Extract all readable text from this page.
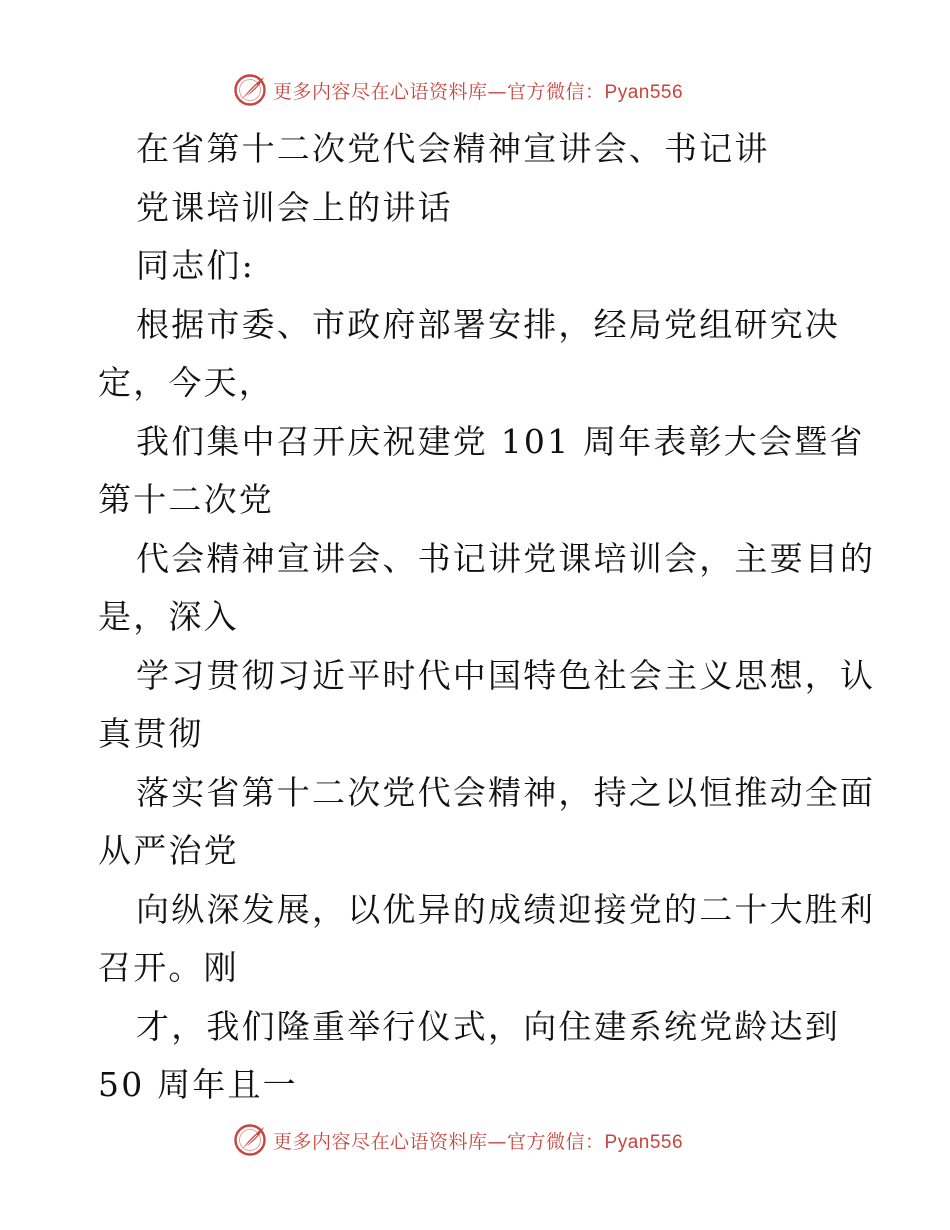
更多内容尽在心语资料库—官方微信：Pyan556
在省第十二次党代会精神宣讲会、书记讲
党课培训会上的讲话
同志们:
根据市委、市政府部署安排，经局党组研究决
定，今天，
我们集中召开庆祝建党 101 周年表彰大会暨省
第十二次党
代会精神宣讲会、书记讲党课培训会，主要目的
是，深入
学习贯彻习近平时代中国特色社会主义思想，认
真贯彻
落实省第十二次党代会精神，持之以恒推动全面
从严治党
向纵深发展，以优异的成绩迎接党的二十大胜利
召开。刚
才，我们隆重举行仪式，向住建系统党龄达到
50 周年且一
更多内容尽在心语资料库—官方微信：Pyan556
